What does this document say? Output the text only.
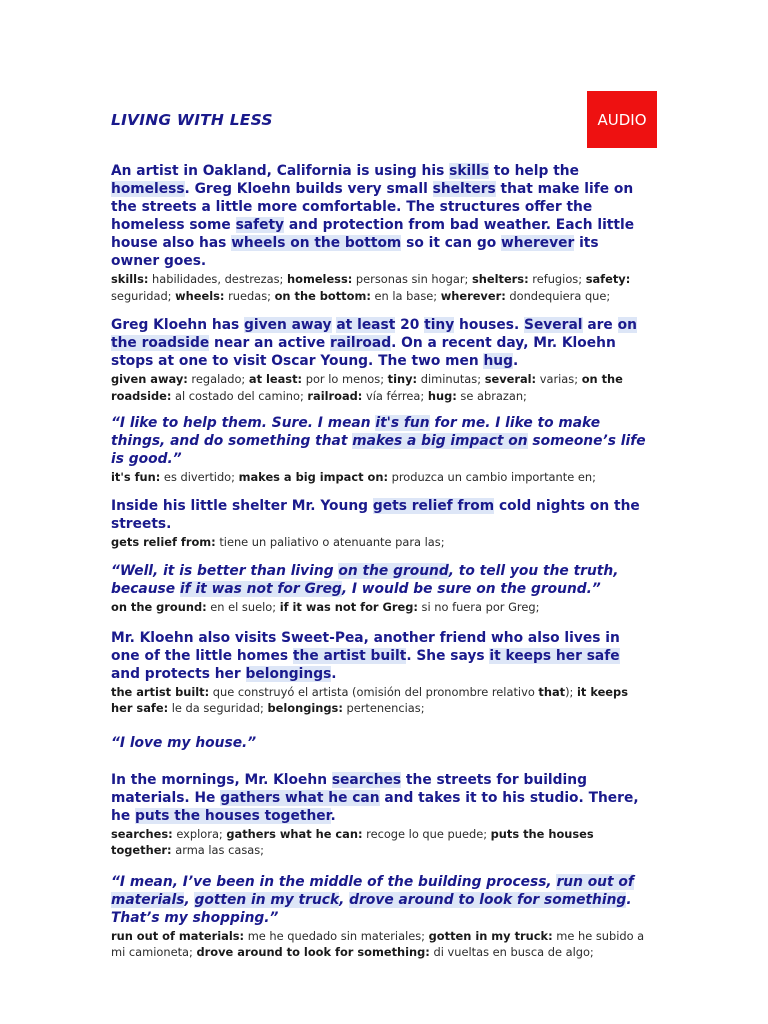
LIVING WITH LESS	AUDIO

An artist in Oakland, California is using his skills to help the homeless. Greg Kloehn builds very small shelters that make life on the streets a little more comfortable. The structures offer the homeless some safety and protection from bad weather. Each little house also has wheels on the bottom so it can go wherever its owner goes.

skills: habilidades, destrezas; homeless: personas sin hogar; shelters: refugios; safety: seguridad; wheels: ruedas; on the bottom: en la base; wherever: dondequiera que;

Greg Kloehn has given away at least 20 tiny houses. Several are on the roadside near an active railroad. On a recent day, Mr. Kloehn stops at one to visit Oscar Young. The two men hug.

given away: regalado; at least: por lo menos; tiny: diminutas; several: varias; on the roadside: al costado del camino; railroad: vía férrea; hug: se abrazan;

“I like to help them. Sure. I mean it's fun for me. I like to make things, and do something that makes a big impact on someone’s life is good.”

it's fun: es divertido; makes a big impact on: produzca un cambio importante en;

Inside his little shelter Mr. Young gets relief from cold nights on the streets.

gets relief from: tiene un paliativo o atenuante para las;

“Well, it is better than living on the ground, to tell you the truth, because if it was not for Greg, I would be sure on the ground.”

on the ground: en el suelo; if it was not for Greg: si no fuera por Greg;

Mr. Kloehn also visits Sweet-Pea, another friend who also lives in one of the little homes the artist built. She says it keeps her safe and protects her belongings.

the artist built: que construyó el artista (omisión del pronombre relativo that); it keeps her safe: le da seguridad; belongings: pertenencias;

“I love my house.”

In the mornings, Mr. Kloehn searches the streets for building materials. He gathers what he can and takes it to his studio. There, he puts the houses together.

searches: explora; gathers what he can: recoge lo que puede; puts the houses together: arma las casas;

“I mean, I’ve been in the middle of the building process, run out of materials, gotten in my truck, drove around to look for something. That’s my shopping.”

run out of materials: me he quedado sin materiales; gotten in my truck: me he subido a mi camioneta; drove around to look for something: di vueltas en busca de algo;
